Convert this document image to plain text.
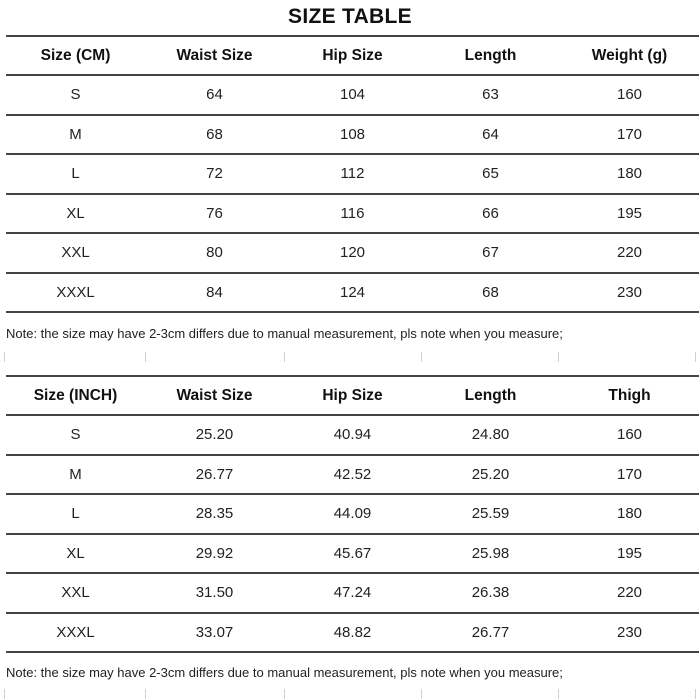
SIZE TABLE
Size (CM)	Waist Size	Hip Size	Length	Weight (g)
S	64	104	63	160
M	68	108	64	170
L	72	112	65	180
XL	76	116	66	195
XXL	80	120	67	220
XXXL	84	124	68	230
Note: the size may have 2-3cm differs due to manual measurement, pls note when you measure;
Size (INCH)	Waist Size	Hip Size	Length	Thigh
S	25.20	40.94	24.80	160
M	26.77	42.52	25.20	170
L	28.35	44.09	25.59	180
XL	29.92	45.67	25.98	195
XXL	31.50	47.24	26.38	220
XXXL	33.07	48.82	26.77	230
Note: the size may have 2-3cm differs due to manual measurement, pls note when you measure;
